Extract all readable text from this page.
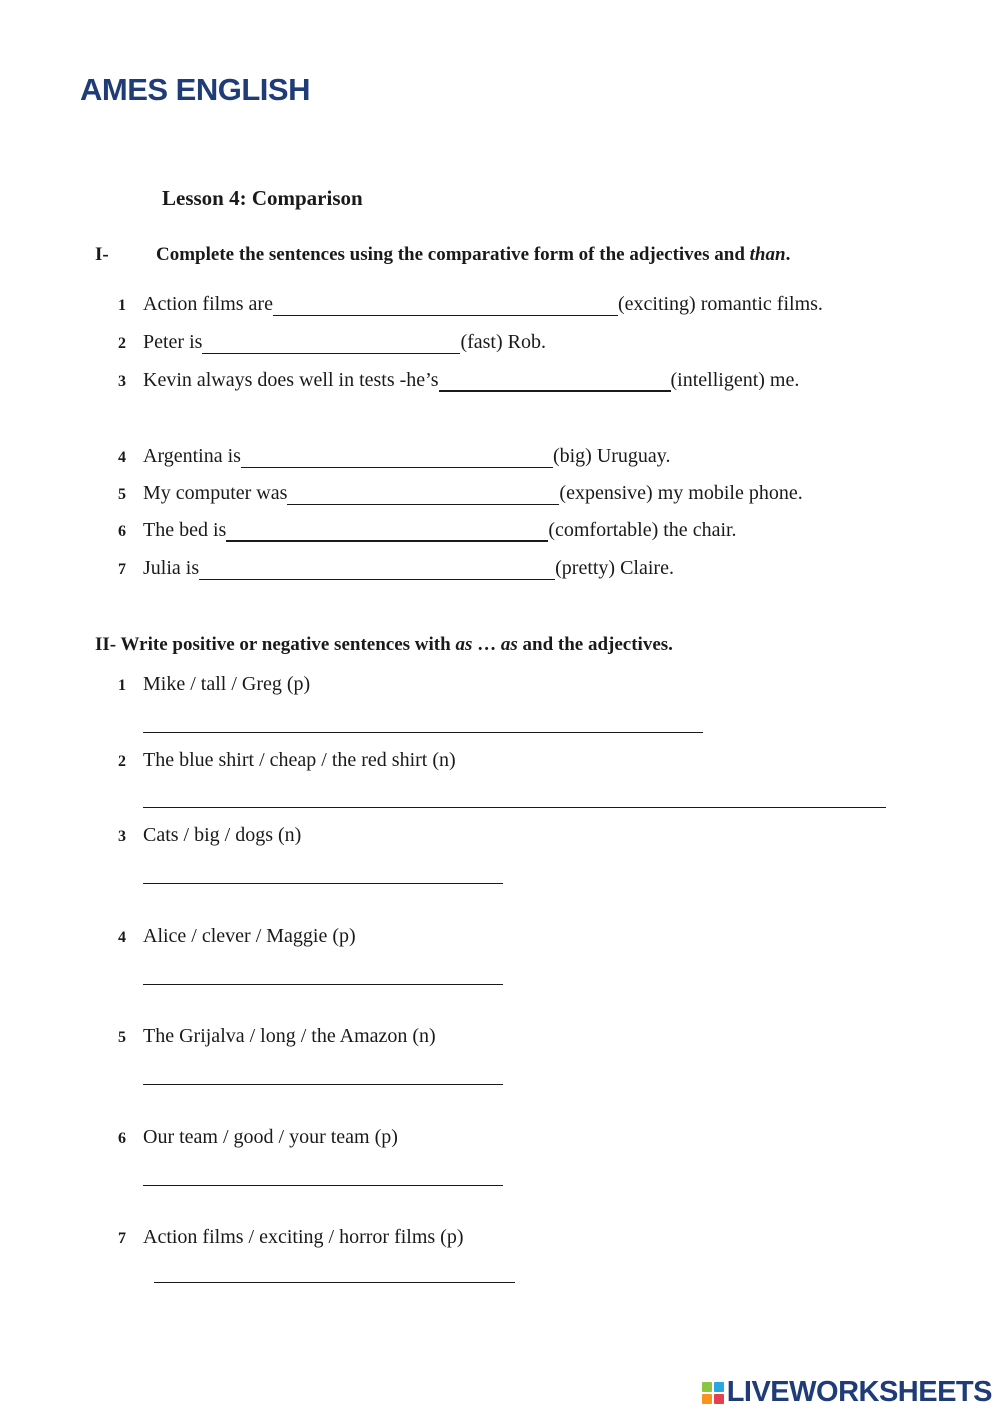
AMES ENGLISH
Lesson 4: Comparison
I- Complete the sentences using the comparative form of the adjectives and than.
1 Action films are	(exciting) romantic films.
2 Peter is	(fast) Rob.
3 Kevin always does well in tests -he’s	(intelligent) me.
4 Argentina is	(big) Uruguay.
5 My computer was	(expensive) my mobile phone.
6 The bed is	(comfortable) the chair.
7 Julia is	(pretty) Claire.
II- Write positive or negative sentences with as … as and the adjectives.
1 Mike / tall / Greg (p)
2 The blue shirt / cheap / the red shirt (n)
3 Cats / big / dogs (n)
4 Alice / clever / Maggie (p)
5 The Grijalva / long / the Amazon (n)
6 Our team / good / your team (p)
7 Action films / exciting / horror films (p)
LIVEWORKSHEETS
